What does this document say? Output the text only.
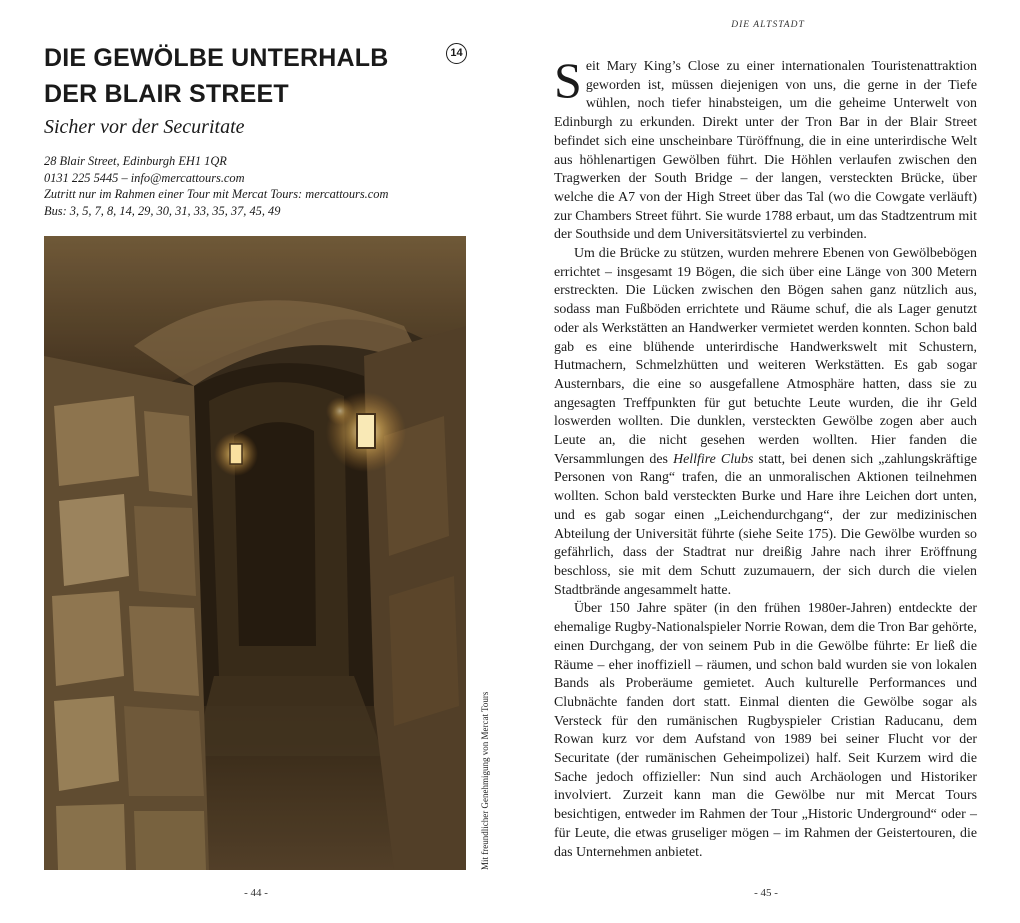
DIE GEWÖLBE UNTERHALB
DER BLAIR STREET
14
Sicher vor der Securitate
28 Blair Street, Edinburgh EH1 1QR
0131 225 5445 – info@mercattours.com
Zutritt nur im Rahmen einer Tour mit Mercat Tours: mercattours.com
Bus: 3, 5, 7, 8, 14, 29, 30, 31, 33, 35, 37, 45, 49
Mit freundlicher Genehmigung von Mercat Tours
- 44 -
DIE ALTSTADT

Seit Mary King’s Close zu einer internationalen Touristenattraktion geworden ist, müssen diejenigen von uns, die gerne in der Tiefe wühlen, noch tiefer hinabsteigen, um die geheime Unterwelt von Edinburgh zu erkunden. Direkt unter der Tron Bar in der Blair Street befindet sich eine unscheinbare Türöffnung, die in eine unterirdische Welt aus höhlenartigen Gewölben führt. Die Höhlen verlaufen zwischen den Tragwerken der South Bridge – der langen, versteckten Brücke, über welche die A7 von der High Street über das Tal (wo die Cowgate verläuft) zur Chambers Street führt. Sie wurde 1788 erbaut, um das Stadtzentrum mit der Southside und dem Universitätsviertel zu verbinden.

Um die Brücke zu stützen, wurden mehrere Ebenen von Gewölbebögen errichtet – insgesamt 19 Bögen, die sich über eine Länge von 300 Metern erstreckten. Die Lücken zwischen den Bögen sahen ganz nützlich aus, sodass man Fußböden errichtete und Räume schuf, die als Lager genutzt oder als Werkstätten an Handwerker vermietet werden konnten. Schon bald gab es eine blühende unterirdische Handwerkswelt mit Schustern, Hutmachern, Schmelzhütten und weiteren Werkstätten. Es gab sogar Austernbars, die eine so ausgefallene Atmosphäre hatten, dass sie zu angesagten Treffpunkten für gut betuchte Leute wurden, die ihr Geld loswerden wollten. Die dunklen, versteckten Gewölbe zogen aber auch Leute an, die nicht gesehen werden wollten. Hier fanden die Versammlungen des Hellfire Clubs statt, bei denen sich „zahlungskräftige Personen von Rang“ trafen, die an unmoralischen Aktionen teilnehmen wollten. Schon bald versteckten Burke und Hare ihre Leichen dort unten, und es gab sogar einen „Leichendurchgang“, der zur medizinischen Abteilung der Universität führte (siehe Seite 175). Die Gewölbe wurden so gefährlich, dass der Stadtrat nur dreißig Jahre nach ihrer Eröffnung beschloss, sie mit dem Schutt zuzumauern, der sich durch die vielen Stadtbrände angesammelt hatte.

Über 150 Jahre später (in den frühen 1980er-Jahren) entdeckte der ehemalige Rugby-Nationalspieler Norrie Rowan, dem die Tron Bar gehörte, einen Durchgang, der von seinem Pub in die Gewölbe führte: Er ließ die Räume – eher inoffiziell – räumen, und schon bald wurden sie von lokalen Bands als Proberäume gemietet. Auch kulturelle Performances und Clubnächte fanden dort statt. Einmal dienten die Gewölbe sogar als Versteck für den rumänischen Rugbyspieler Cristian Raducanu, dem Rowan kurz vor dem Aufstand von 1989 bei seiner Flucht vor der Securitate (der rumänischen Geheimpolizei) half. Seit Kurzem wird die Sache jedoch offizieller: Nun sind auch Archäologen und Historiker involviert. Zurzeit kann man die Gewölbe nur mit Mercat Tours besichtigen, entweder im Rahmen der Tour „Historic Underground“ oder – für Leute, die etwas gruseliger mögen – im Rahmen der Geistertouren, die das Unternehmen anbietet.

- 45 -
